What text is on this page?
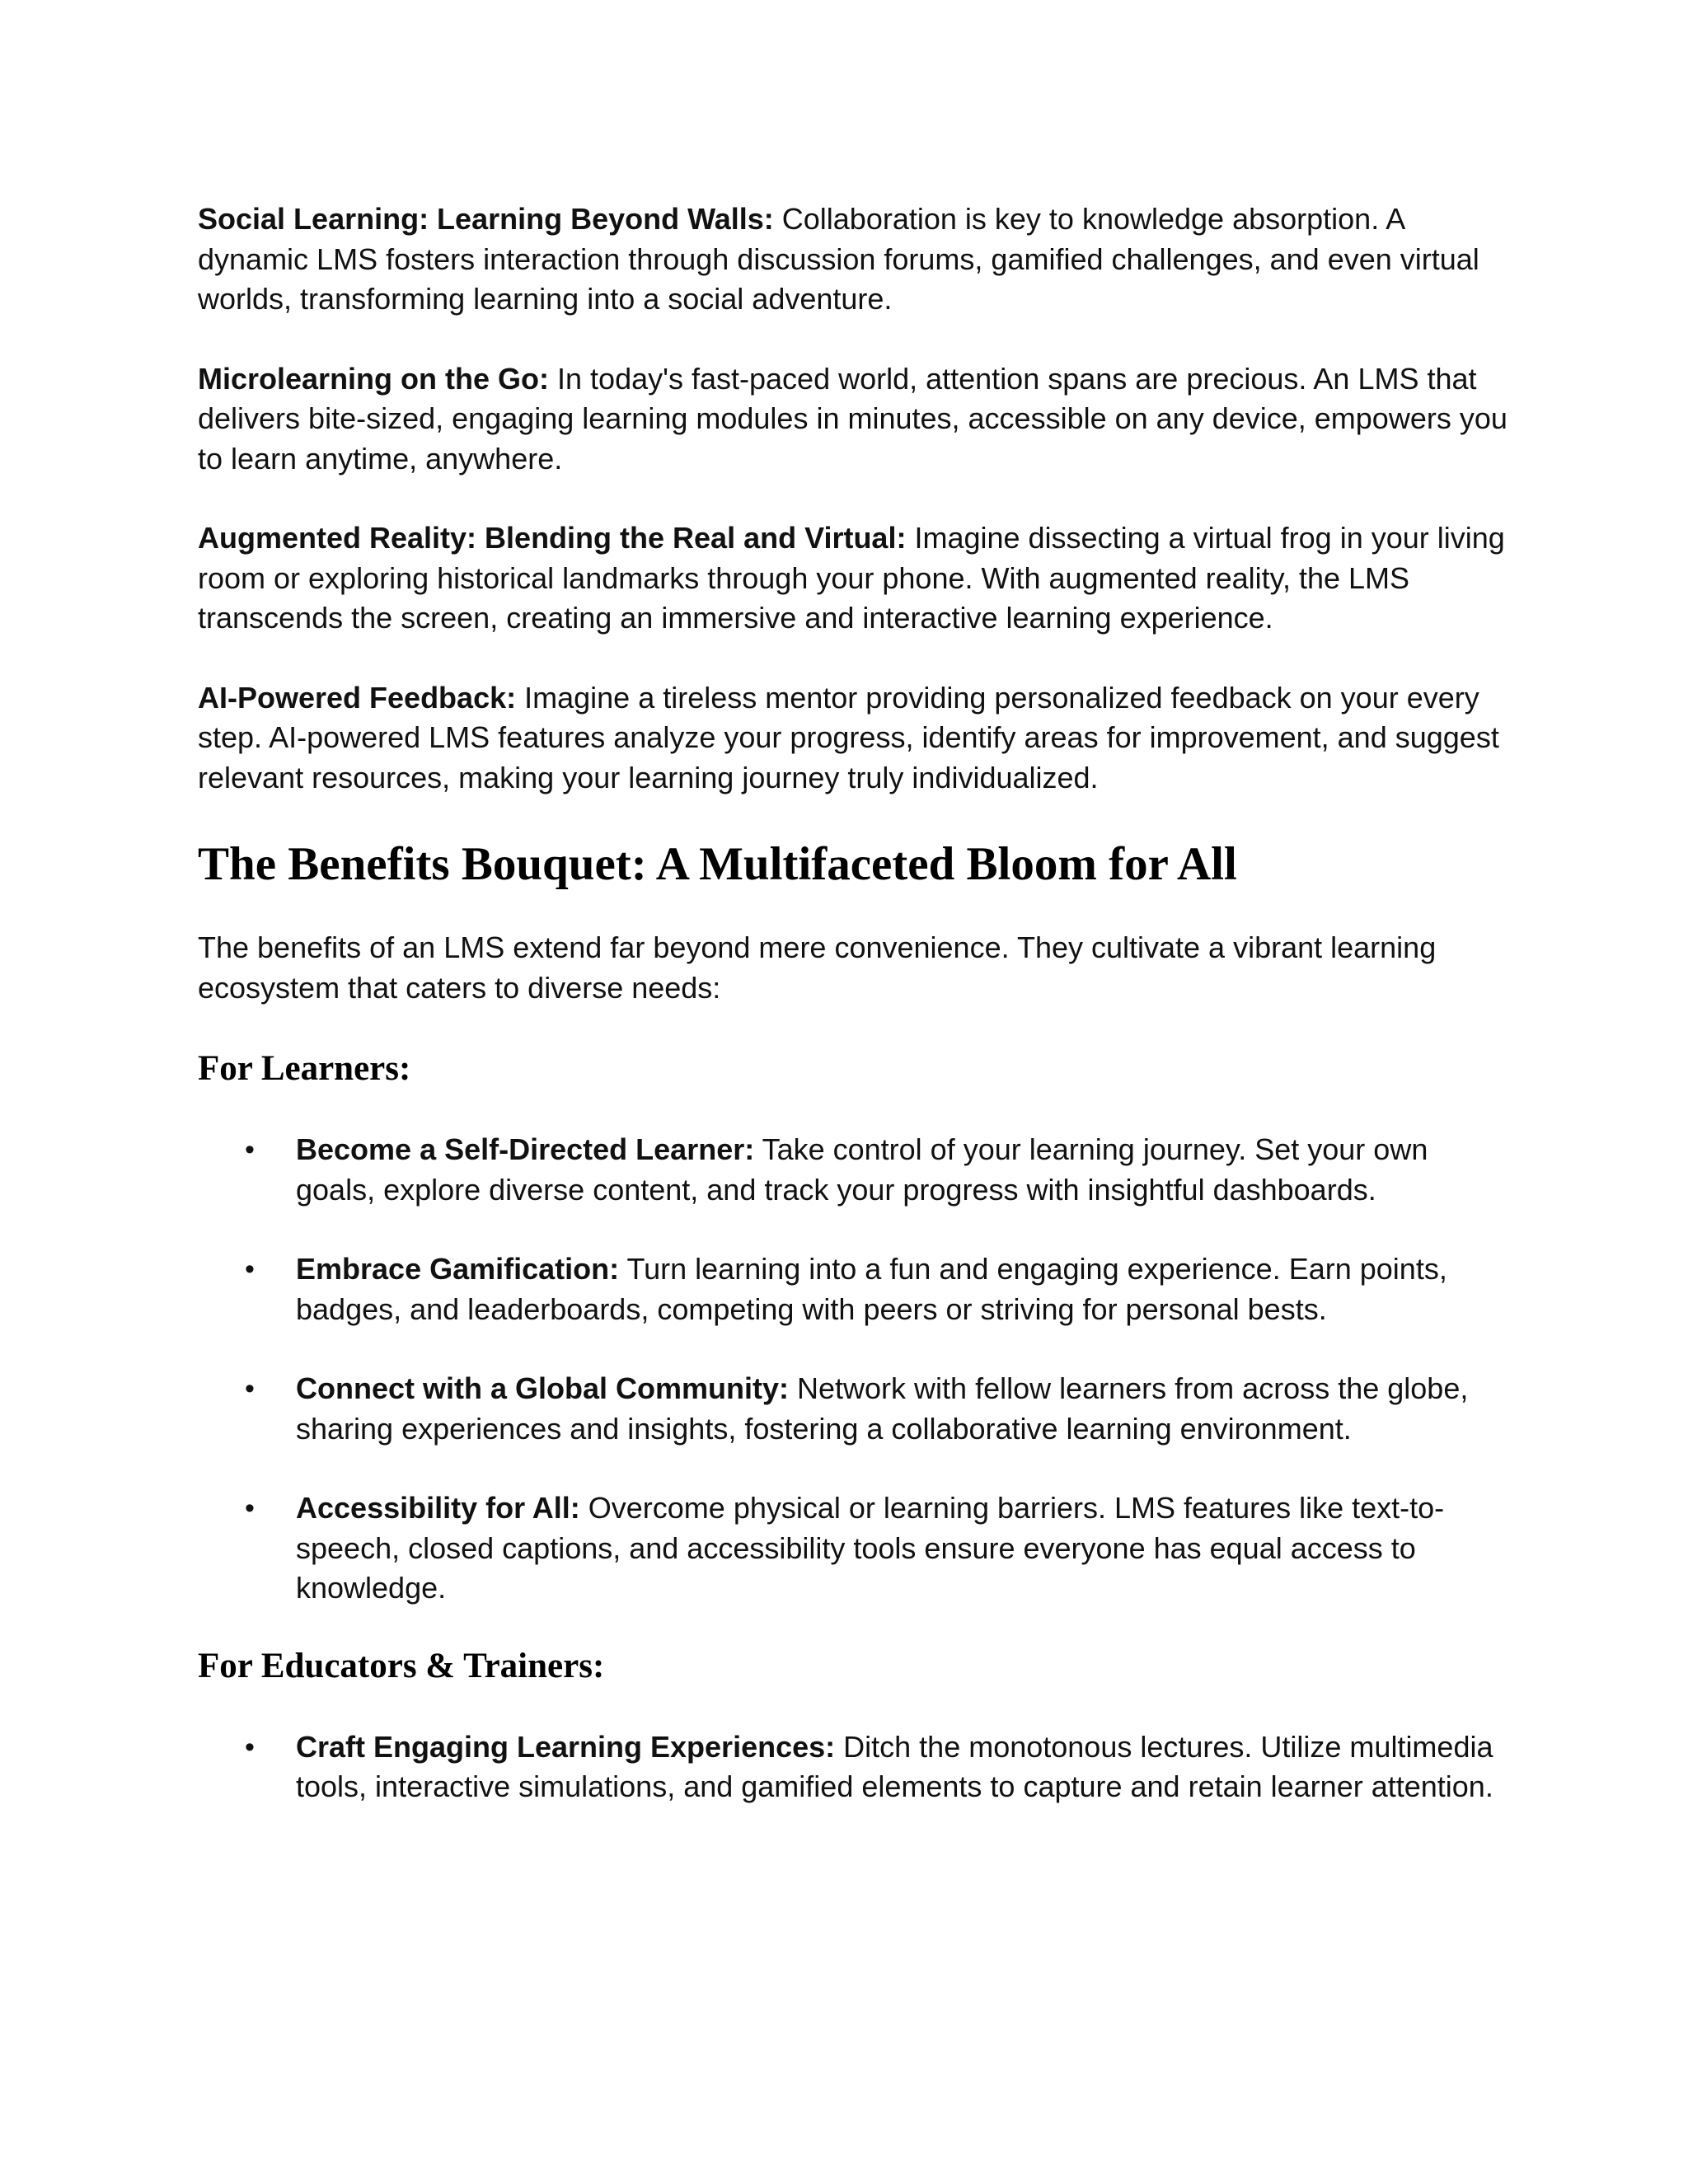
Social Learning: Learning Beyond Walls: Collaboration is key to knowledge absorption. A dynamic LMS fosters interaction through discussion forums, gamified challenges, and even virtual worlds, transforming learning into a social adventure.

Microlearning on the Go: In today's fast-paced world, attention spans are precious. An LMS that delivers bite-sized, engaging learning modules in minutes, accessible on any device, empowers you to learn anytime, anywhere.

Augmented Reality: Blending the Real and Virtual: Imagine dissecting a virtual frog in your living room or exploring historical landmarks through your phone. With augmented reality, the LMS transcends the screen, creating an immersive and interactive learning experience.

AI-Powered Feedback: Imagine a tireless mentor providing personalized feedback on your every step. AI-powered LMS features analyze your progress, identify areas for improvement, and suggest relevant resources, making your learning journey truly individualized.

The Benefits Bouquet: A Multifaceted Bloom for All

The benefits of an LMS extend far beyond mere convenience. They cultivate a vibrant learning ecosystem that caters to diverse needs:

For Learners:
• Become a Self-Directed Learner: Take control of your learning journey. Set your own goals, explore diverse content, and track your progress with insightful dashboards.
• Embrace Gamification: Turn learning into a fun and engaging experience. Earn points, badges, and leaderboards, competing with peers or striving for personal bests.
• Connect with a Global Community: Network with fellow learners from across the globe, sharing experiences and insights, fostering a collaborative learning environment.
• Accessibility for All: Overcome physical or learning barriers. LMS features like text-to-speech, closed captions, and accessibility tools ensure everyone has equal access to knowledge.
For Educators & Trainers:
• Craft Engaging Learning Experiences: Ditch the monotonous lectures. Utilize multimedia tools, interactive simulations, and gamified elements to capture and retain learner attention.
